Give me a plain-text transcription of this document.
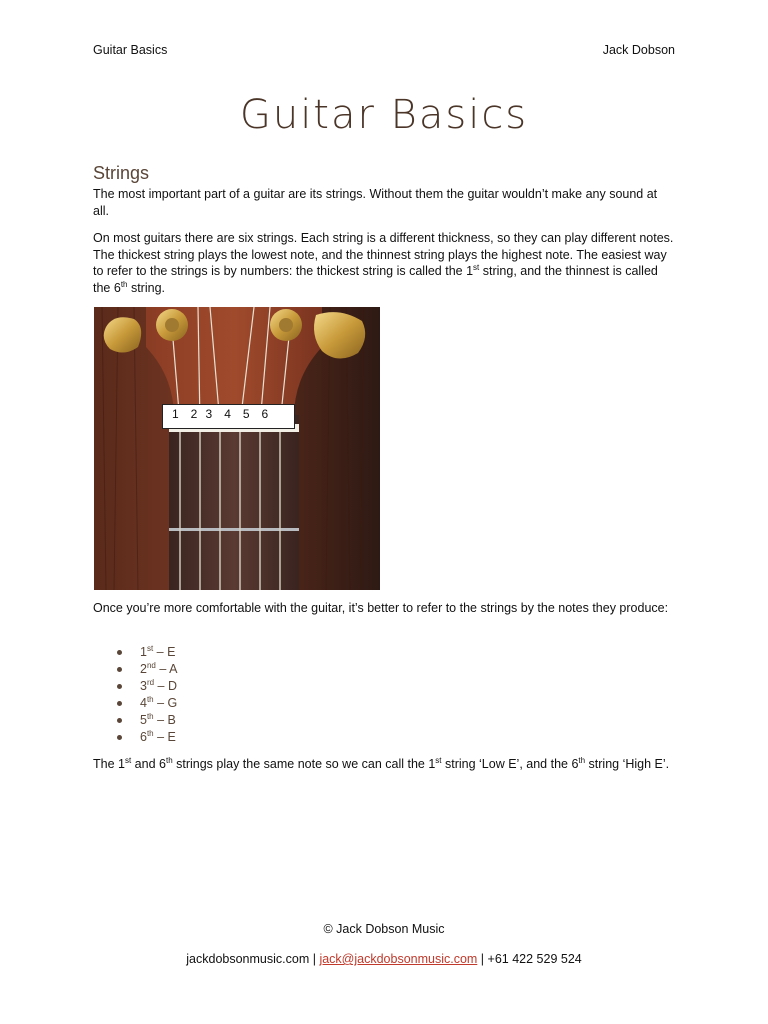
Guitar Basics	Jack Dobson
Guitar Basics
Strings

The most important part of a guitar are its strings. Without them the guitar wouldn’t make any sound at all.

On most guitars there are six strings. Each string is a different thickness, so they can play different notes. The thickest string plays the lowest note, and the thinnest string plays the highest note. The easiest way to refer to the strings is by numbers: the thickest string is called the 1st string, and the thinnest is called the 6th string.

1   2  3   4   5   6

Once you’re more comfortable with the guitar, it’s better to refer to the strings by the notes they produce:

1st – E
2nd – A
3rd – D
4th – G
5th – B
6th – E

The 1st and 6th strings play the same note so we can call the 1st string ‘Low E’, and the 6th string ‘High E’.

© Jack Dobson Music
jackdobsonmusic.com | jack@jackdobsonmusic.com | +61 422 529 524
